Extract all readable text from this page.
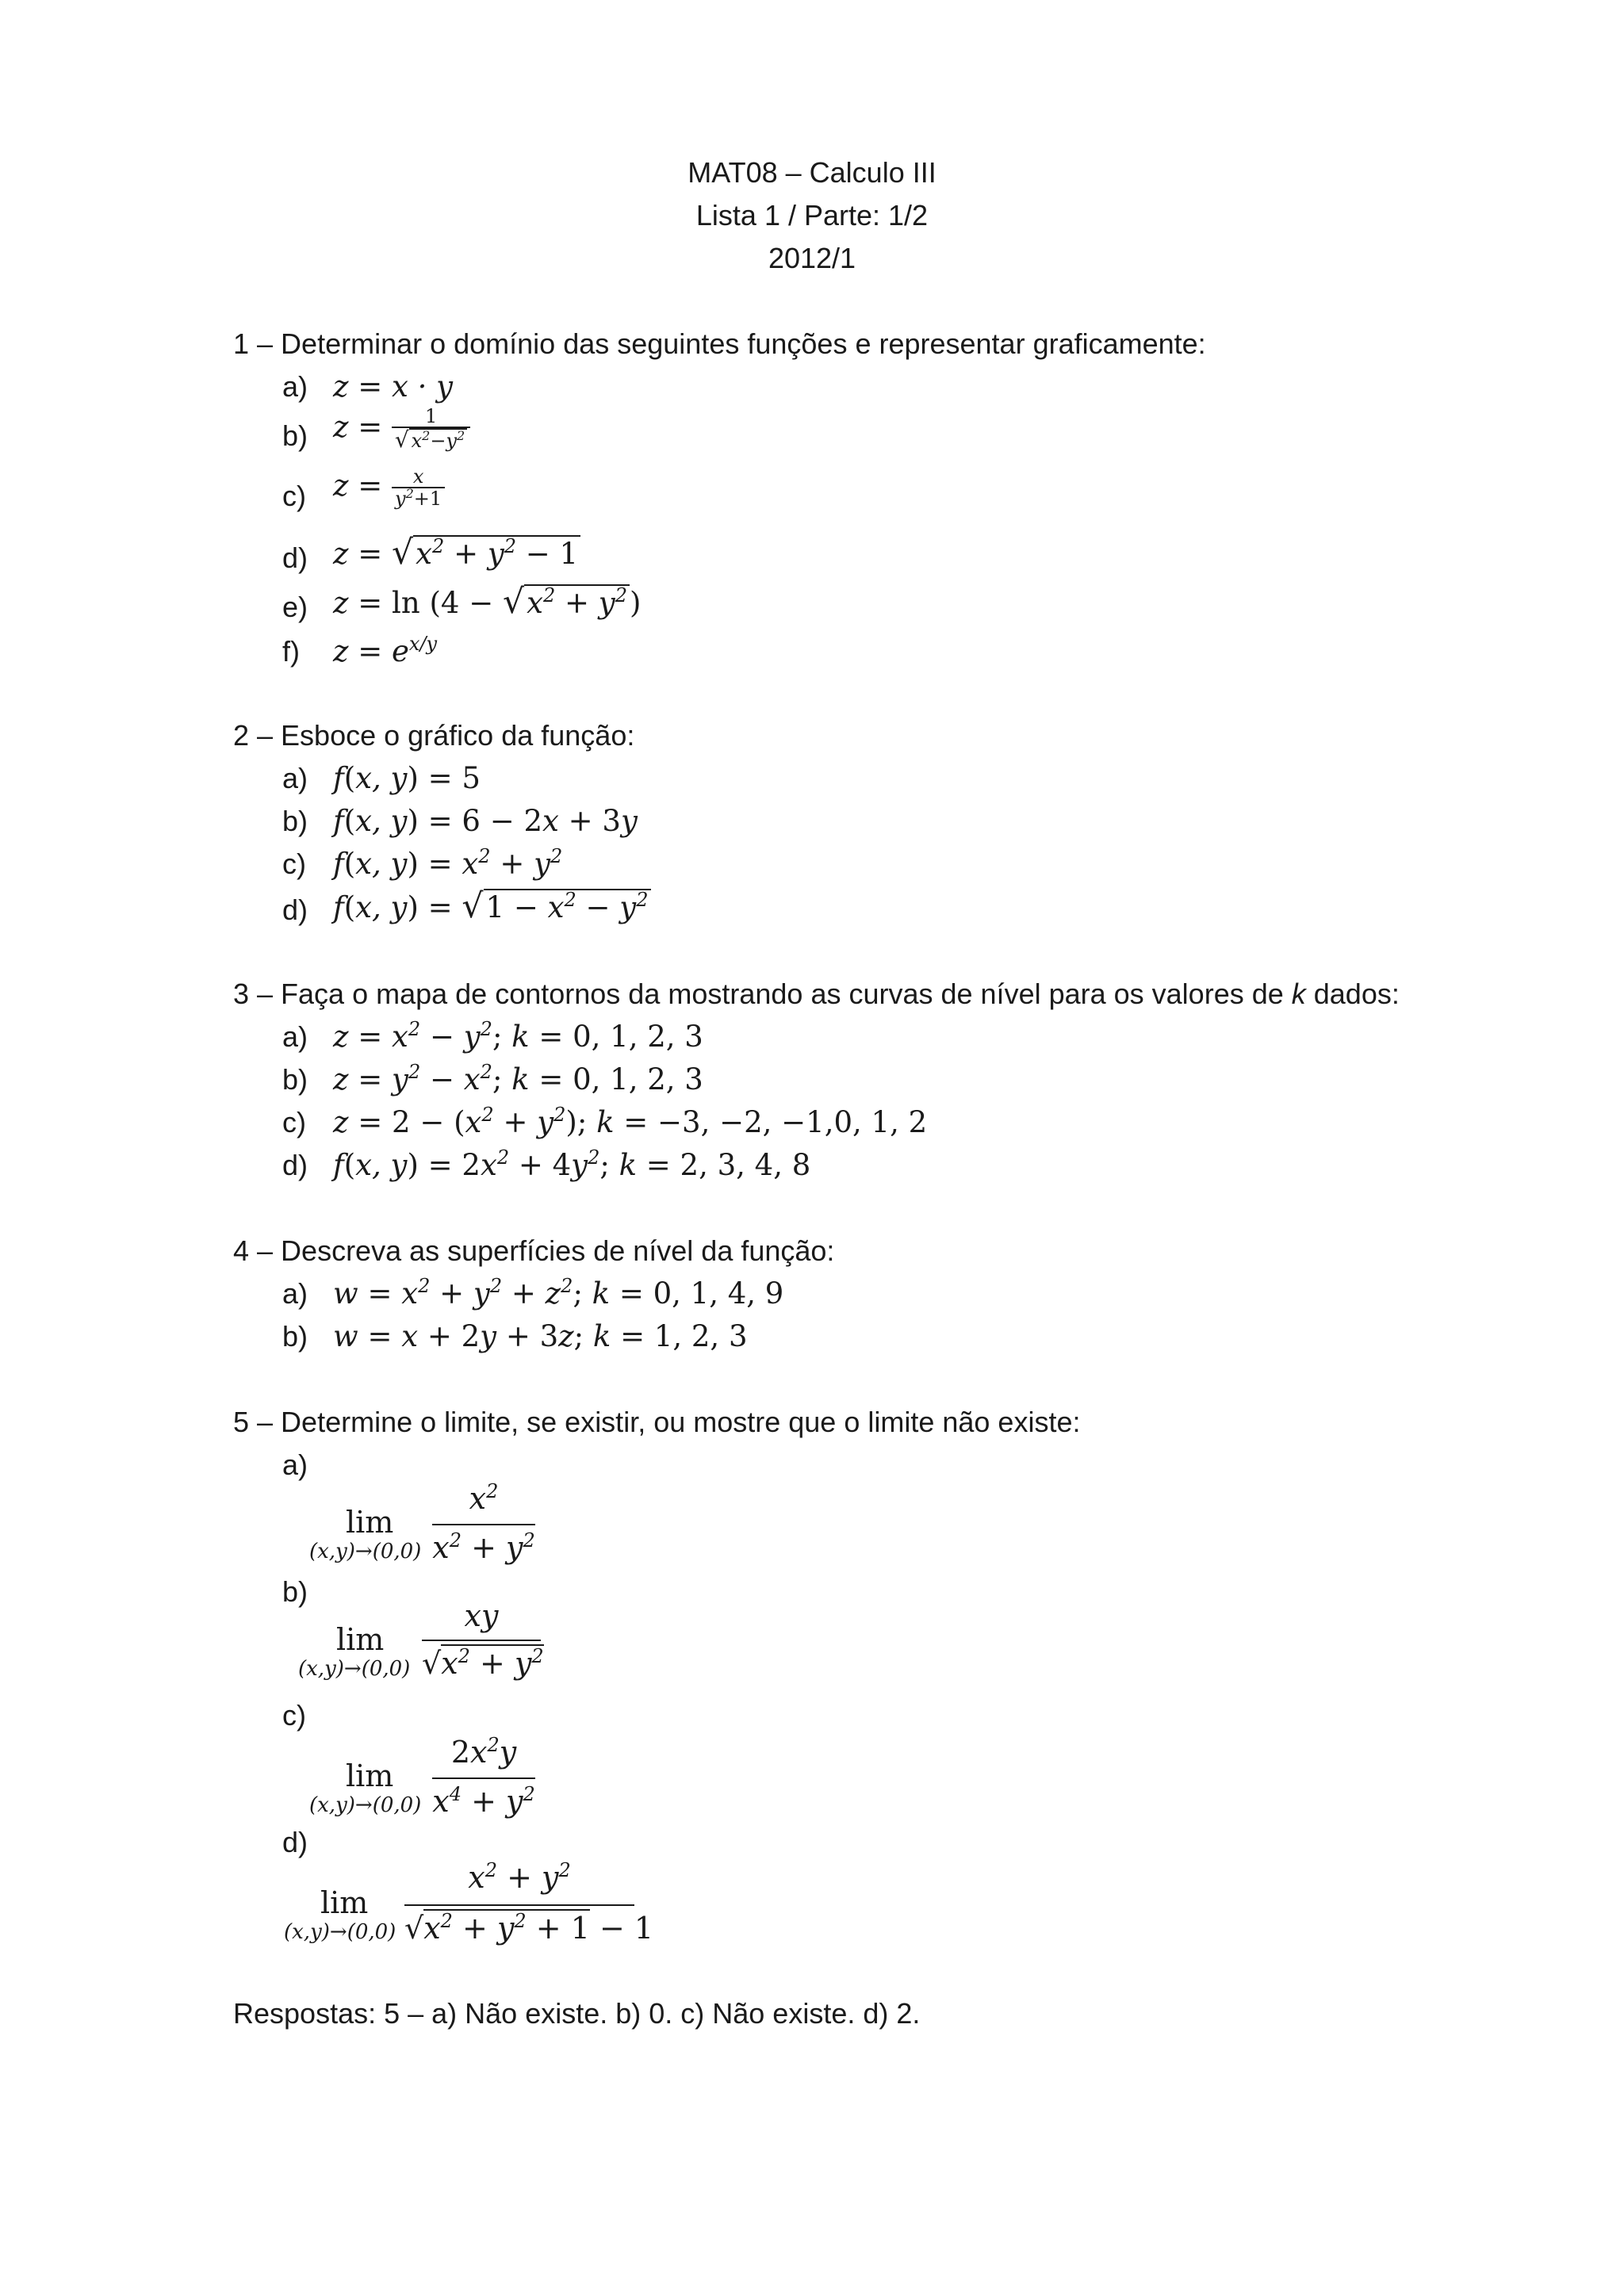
MAT08 – Calculo III
Lista 1 / Parte: 1/2
2012/1
1 – Determinar o domínio das seguintes funções e representar graficamente:
a) z = x · y
b) $z = \frac{1}{√ x^2-y^2}$
c) $z = \frac{x}{y^2+1}$
d) $z = √x^2 + y^2 - 1$
e) $z = \ln (4 - √x^2 + y^2)$
f) $z = e^{x/y}$
2 – Esboce o gráfico da função:
a) f(x, y) = 5
b) f(x, y) = 6 − 2x + 3y
c) f(x, $y) = x^2 + y^2$
d) f(x, $y) = √1 - x^2 - y^2$
3 – Faça o mapa de contornos da mostrando as curvas de nível para os valores de k dados:
a) $z = x^2 - y^2$; k = 0, 1, 2, 3
b) $z = y^2 - x^2$; k = 0, 1, 2, 3
c) $z = 2 - (x^2 + y^2)$; k = −3, −2, −1,0, 1, 2
d) f(x, $y) = 2x^2 + 4y^2$; k = 2, 3, 4, 8
4 – Descreva as superfícies de nível da função:
a) $w = x^2 + y^2 + z^2$; k = 0, 1, 4, 9
b) w = x + 2y + 3z; k = 1, 2, 3
5 – Determine o limite, se existir, ou mostre que o limite não existe:
a)
lim
(x,y)→(0,0)
$x^2$
$x^2 + y^2$
b)
lim
(x,y)→(0,0)
xy
$√x^2 + y^2$
c)
lim
(x,y)→(0,0)
$2x^2y$
$x^4 + y^2$
d)
lim
(x,y)→(0,0)
$x^2 + y^2$
$√x^2 + y^2 + 1 - 1$
Respostas: 5 – a) Não existe. b) 0. c) Não existe. d) 2.
